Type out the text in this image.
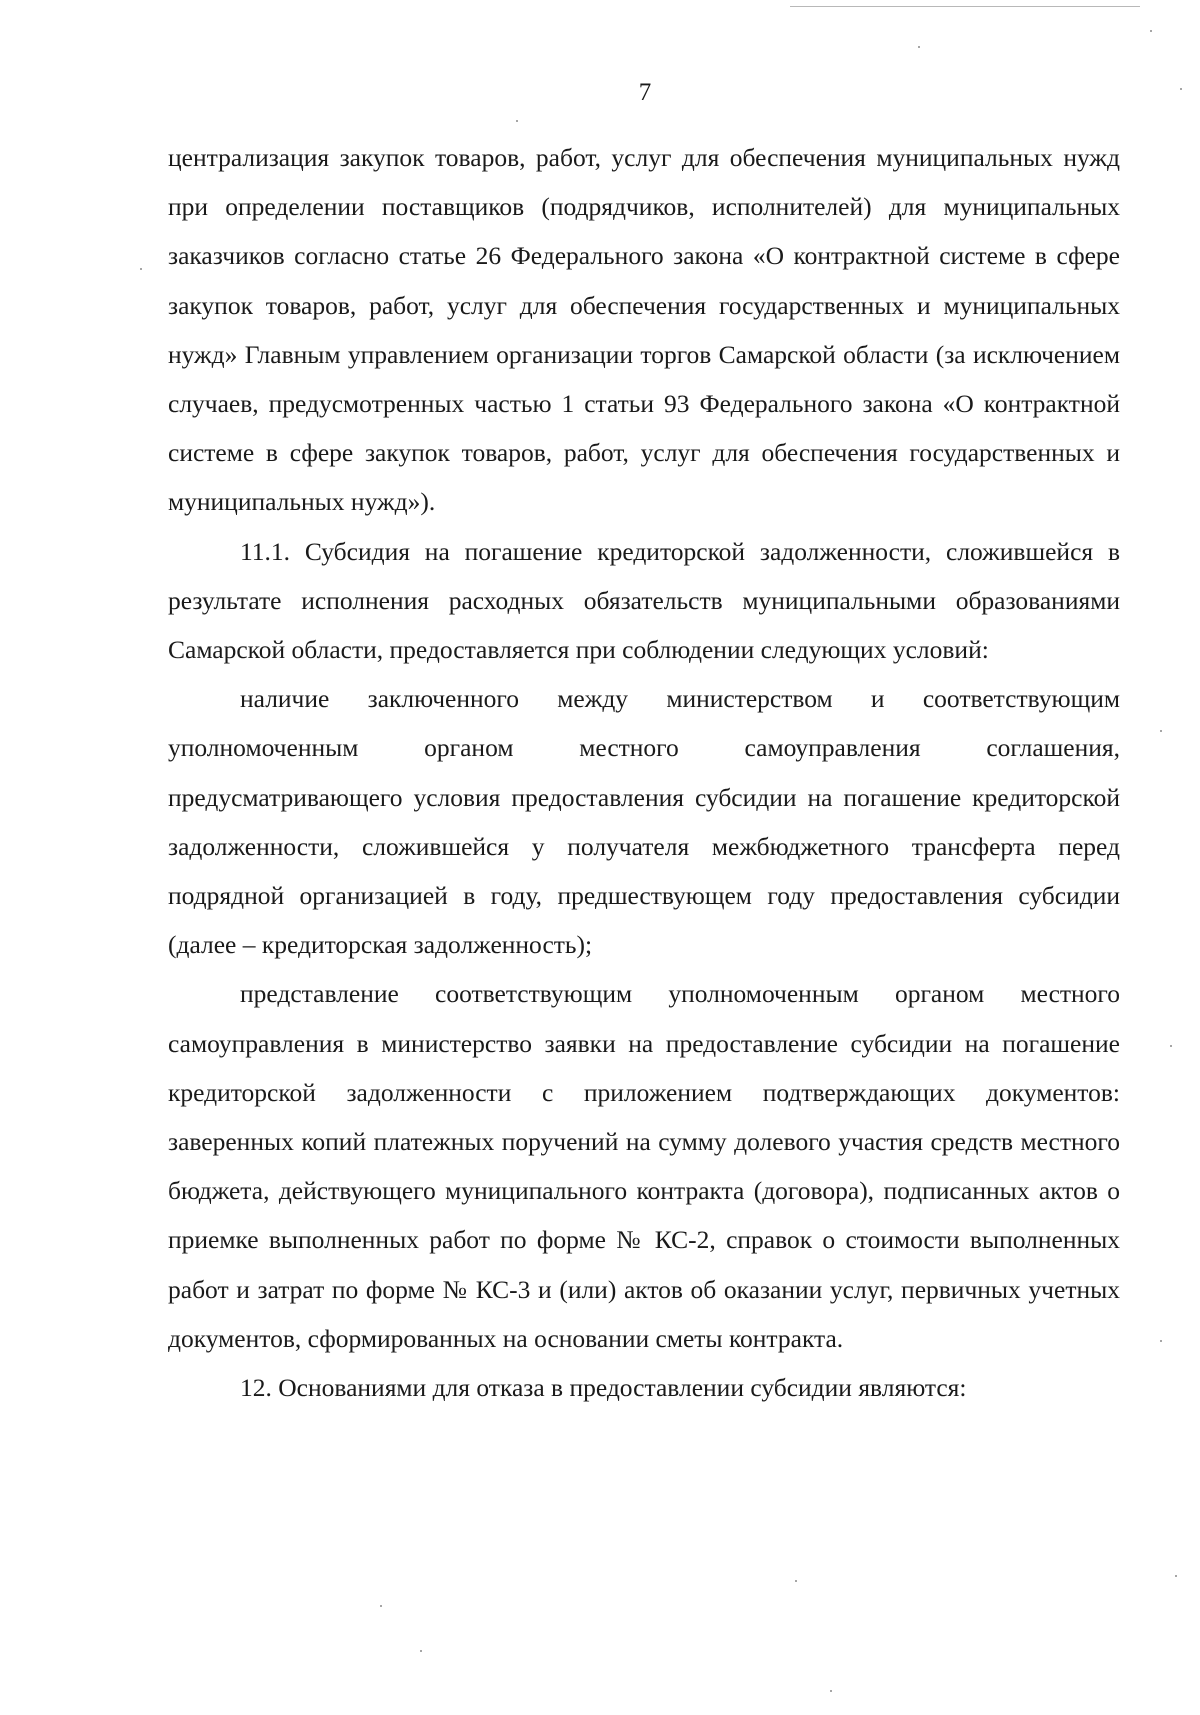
7

централизация закупок товаров, работ, услуг для обеспечения муниципальных нужд при определении поставщиков (подрядчиков, исполнителей) для муниципальных заказчиков согласно статье 26 Федерального закона «О контрактной системе в сфере закупок товаров, работ, услуг для обеспечения государственных и муниципальных нужд» Главным управлением организации торгов Самарской области (за исключением случаев, предусмотренных частью 1 статьи 93 Федерального закона «О контрактной системе в сфере закупок товаров, работ, услуг для обеспечения государственных и муниципальных нужд»).

11.1. Субсидия на погашение кредиторской задолженности, сложившейся в результате исполнения расходных обязательств муниципальными образованиями Самарской области, предоставляется при соблюдении следующих условий:

наличие заключенного между министерством и соответствующим уполномоченным органом местного самоуправления соглашения, предусматривающего условия предоставления субсидии на погашение кредиторской задолженности, сложившейся у получателя межбюджетного трансферта перед подрядной организацией в году, предшествующем году предоставления субсидии (далее – кредиторская задолженность);

представление соответствующим уполномоченным органом местного самоуправления в министерство заявки на предоставление субсидии на погашение кредиторской задолженности с приложением подтверждающих документов: заверенных копий платежных поручений на сумму долевого участия средств местного бюджета, действующего муниципального контракта (договора), подписанных актов о приемке выполненных работ по форме № КС-2, справок о стоимости выполненных работ и затрат по форме № КС-3 и (или) актов об оказании услуг, первичных учетных документов, сформированных на основании сметы контракта.

12. Основаниями для отказа в предоставлении субсидии являются:
